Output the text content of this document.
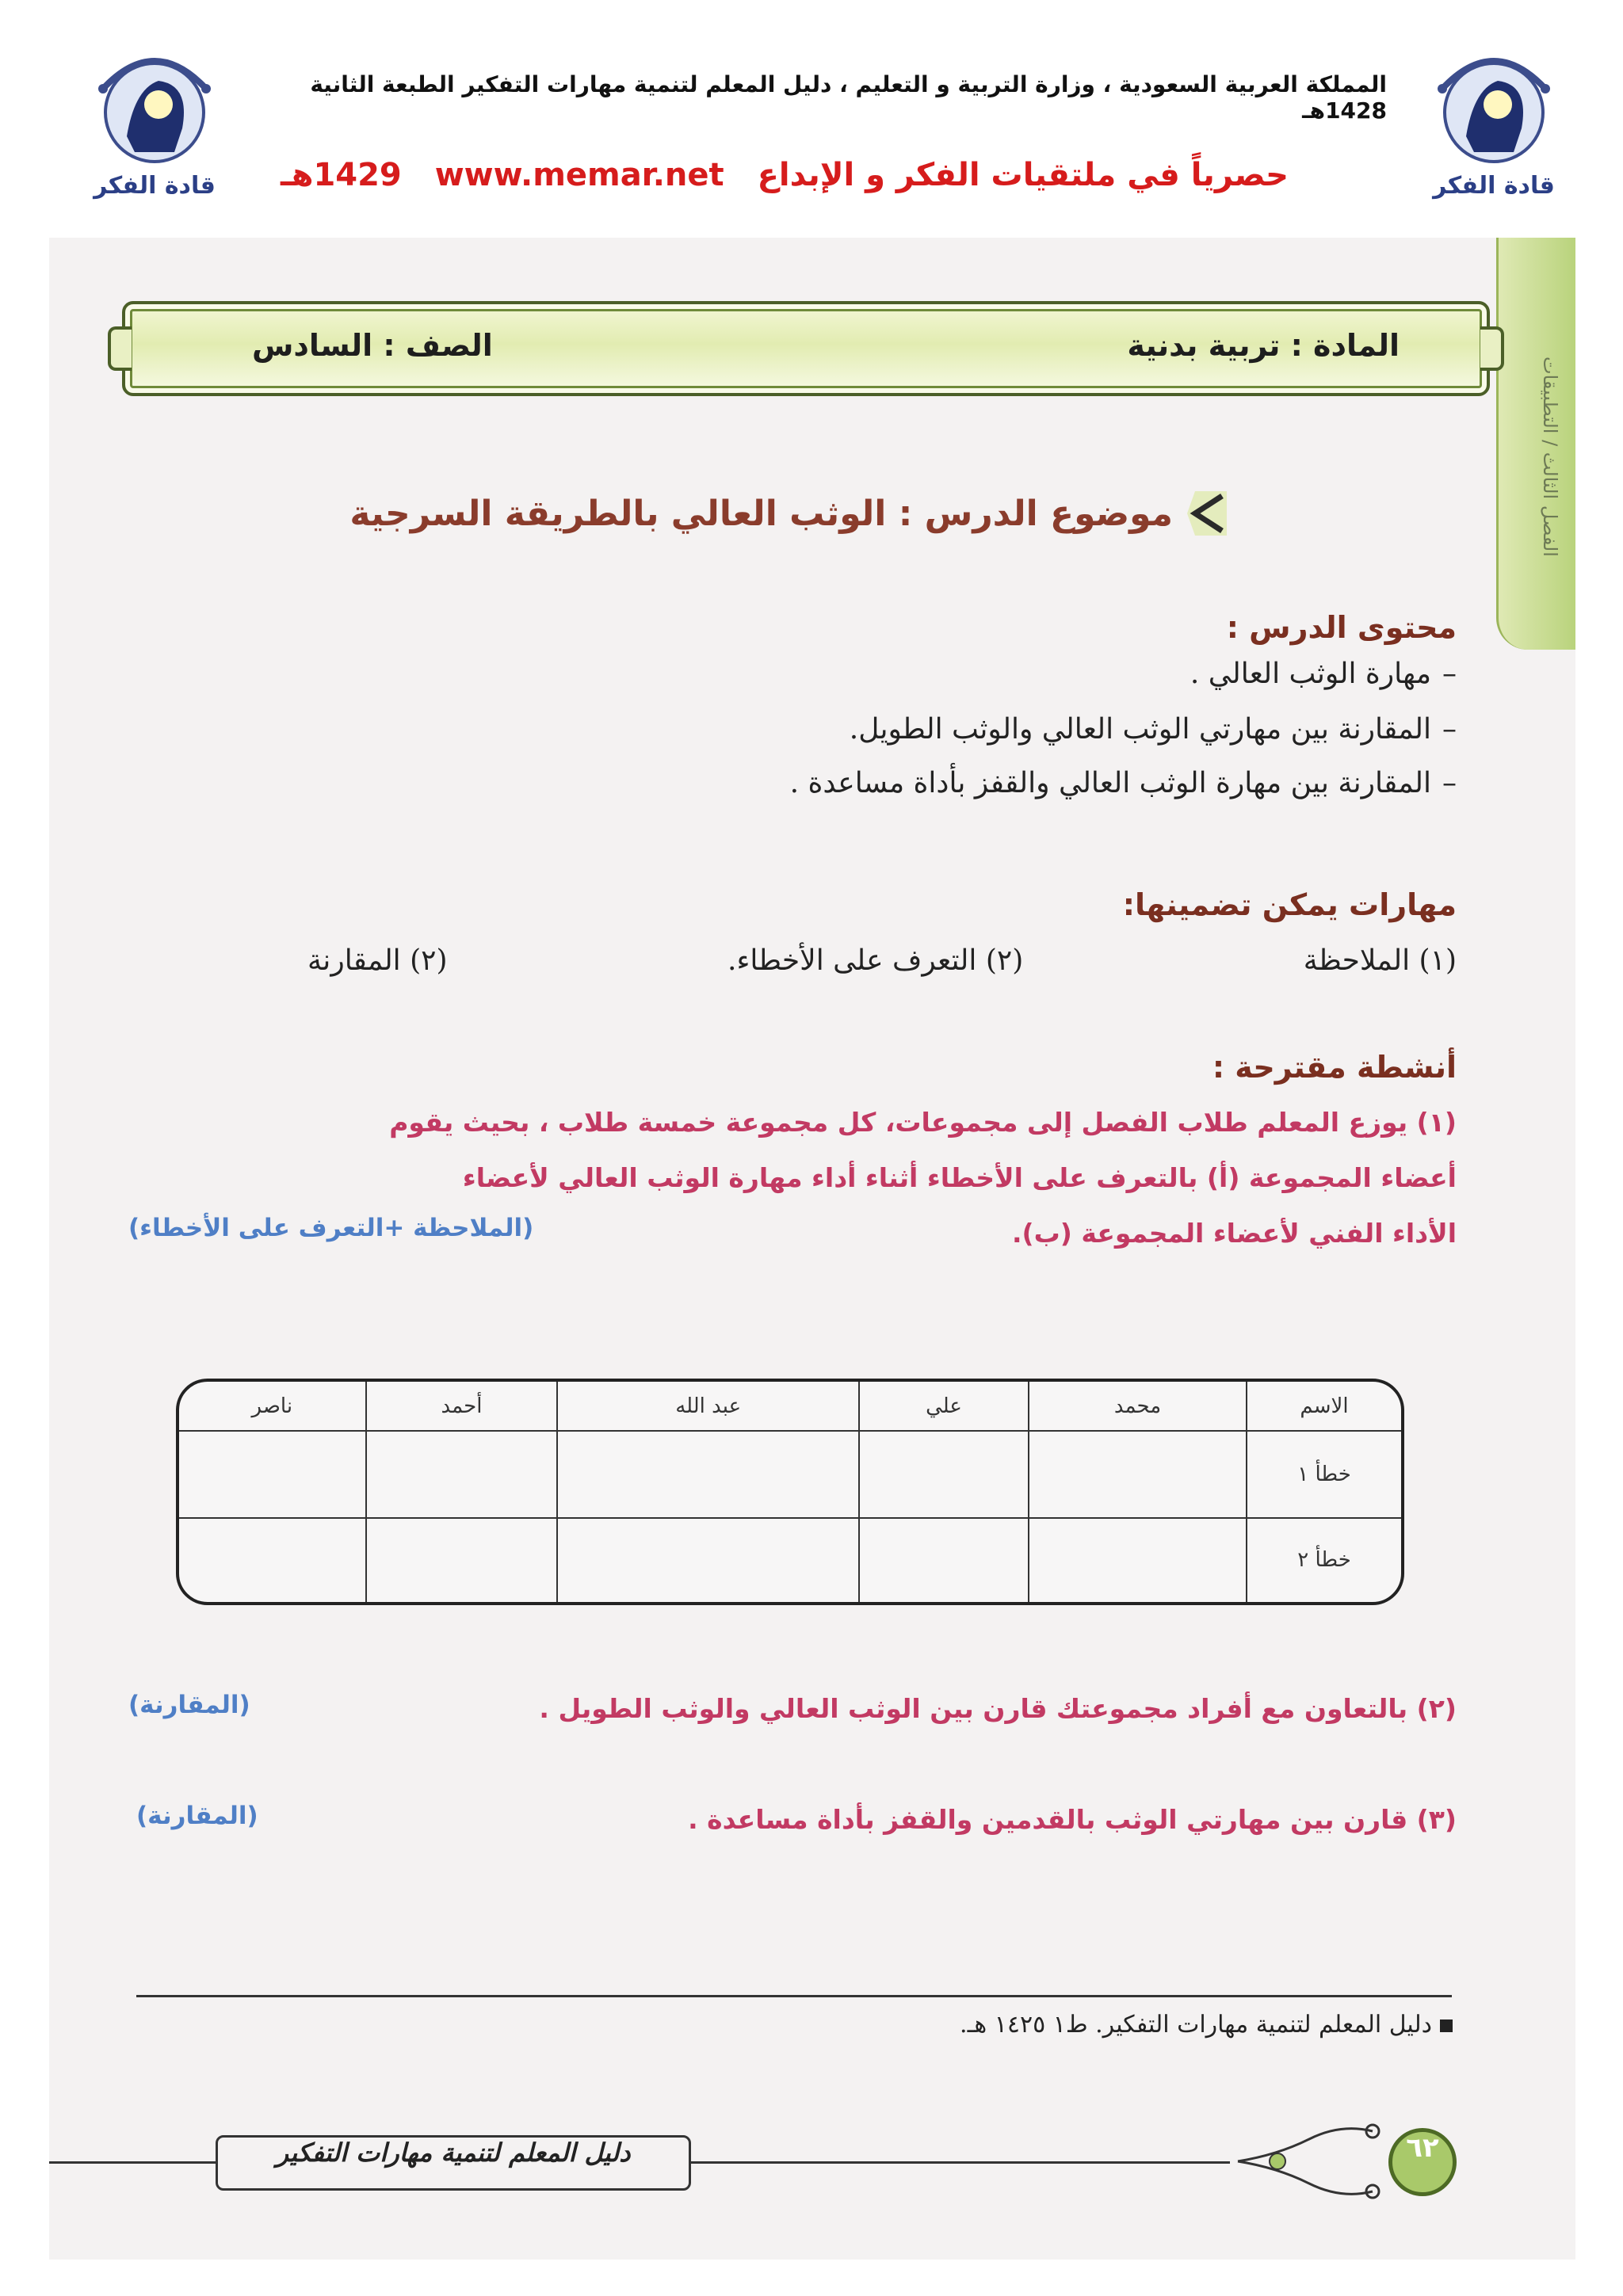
قادة الفكر
قادة الفكر
المملكة العربية السعودية ، وزارة التربية و التعليم ، دليل المعلم لتنمية مهارات التفكير الطبعة الثانية 1428هـ
حصرياً في ملتقيات الفكر و الإبداع www.memar.net 1429هـ
الفصل الثالث / التطبيقات
المادة : تربية بدنية
الصف : السادس
موضوع الدرس : الوثب العالي بالطريقة السرجية
محتوى الدرس :
–مهارة الوثب العالي .
–المقارنة بين مهارتي الوثب العالي والوثب الطويل.
–المقارنة بين مهارة الوثب العالي والقفز بأداة مساعدة .
مهارات يمكن تضمينها:
(١) الملاحظة
(٢) التعرف على الأخطاء.
(٢) المقارنة
أنشطة مقترحة :
(١) يوزع المعلم طلاب الفصل إلى مجموعات، كل مجموعة خمسة طلاب ، بحيث يقوم
أعضاء المجموعة (أ) بالتعرف على الأخطاء أثناء أداء مهارة الوثب العالي لأعضاء
الأداء الفني لأعضاء المجموعة (ب).
(الملاحظة +التعرف على الأخطاء)
الاسم	محمد	علي	عبد الله	أحمد	ناصر
خطأ ١					
خطأ ٢					
(٢) بالتعاون مع أفراد مجموعتك قارن بين الوثب العالي والوثب الطويل .
(المقارنة)
(٣) قارن بين مهارتي الوثب بالقدمين والقفز بأداة مساعدة .
(المقارنة)
دليل المعلم لتنمية مهارات التفكير. ط١ ١٤٢٥ هـ.
دليل المعلم لتنمية مهارات التفكير	٦٢
